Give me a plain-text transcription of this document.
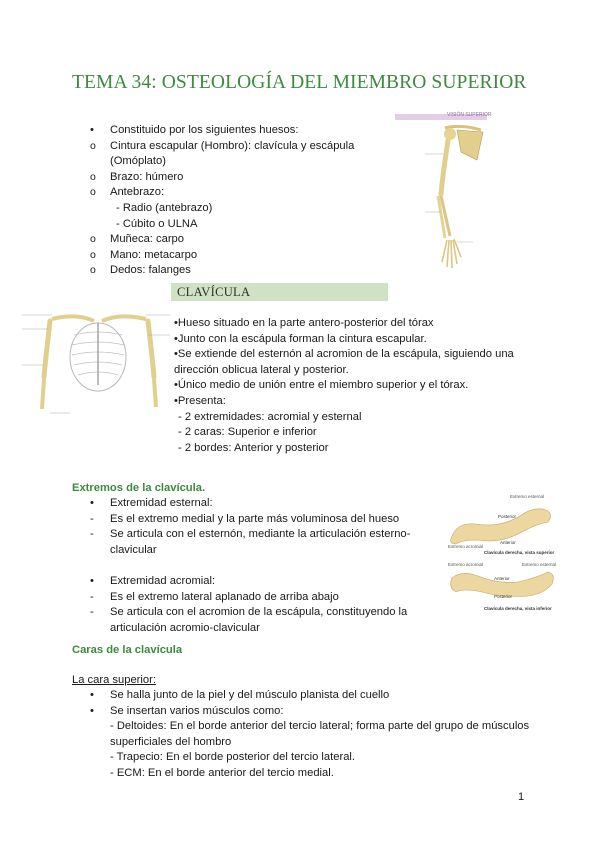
TEMA 34: OSTEOLOGÍA DEL MIEMBRO SUPERIOR
• Constituido por los siguientes huesos:
o Cintura escapular (Hombro): clavícula y escápula
(Omóplato)
o Brazo: húmero
o Antebrazo:
- Radio (antebrazo)
- Cúbito o ULNA
o Muñeca: carpo
o Mano: metacarpo
o Dedos: falanges
VISIÓN SUPERIOR
CLAVÍCULA
•Hueso situado en la parte antero-posterior del tórax
•Junto con la escápula forman la cintura escapular.
•Se extiende del esternón al acromion de la escápula, siguiendo una
dirección oblicua lateral y posterior.
•Único medio de unión entre el miembro superior y el tórax.
•Presenta:
- 2 extremidades: acromial y esternal
- 2 caras: Superior e inferior
- 2 bordes: Anterior y posterior
Extremos de la clavícula.
• Extremidad esternal:
- Es el extremo medial y la parte más voluminosa del hueso
- Se articula con el esternón, mediante la articulación esterno-
clavicular
• Extremidad acromial:
- Es el extremo lateral aplanado de arriba abajo
- Se articula con el acromion de la escápula, constituyendo la
articulación acromio-clavicular
Extremo esternal
Posterior
Extremo acromial
Anterior
Clavícula derecha, vista superior
Extremo acromial	Extremo esternal
Anterior
Posterior
Clavícula derecha, vista inferior
Caras de la clavícula
La cara superior:
• Se halla junto de la piel y del músculo planista del cuello
• Se insertan varios músculos como:
- Deltoides: En el borde anterior del tercio lateral; forma parte del grupo de músculos
superficiales del hombro
- Trapecio: En el borde posterior del tercio lateral.
- ECM: En el borde anterior del tercio medial.
1
